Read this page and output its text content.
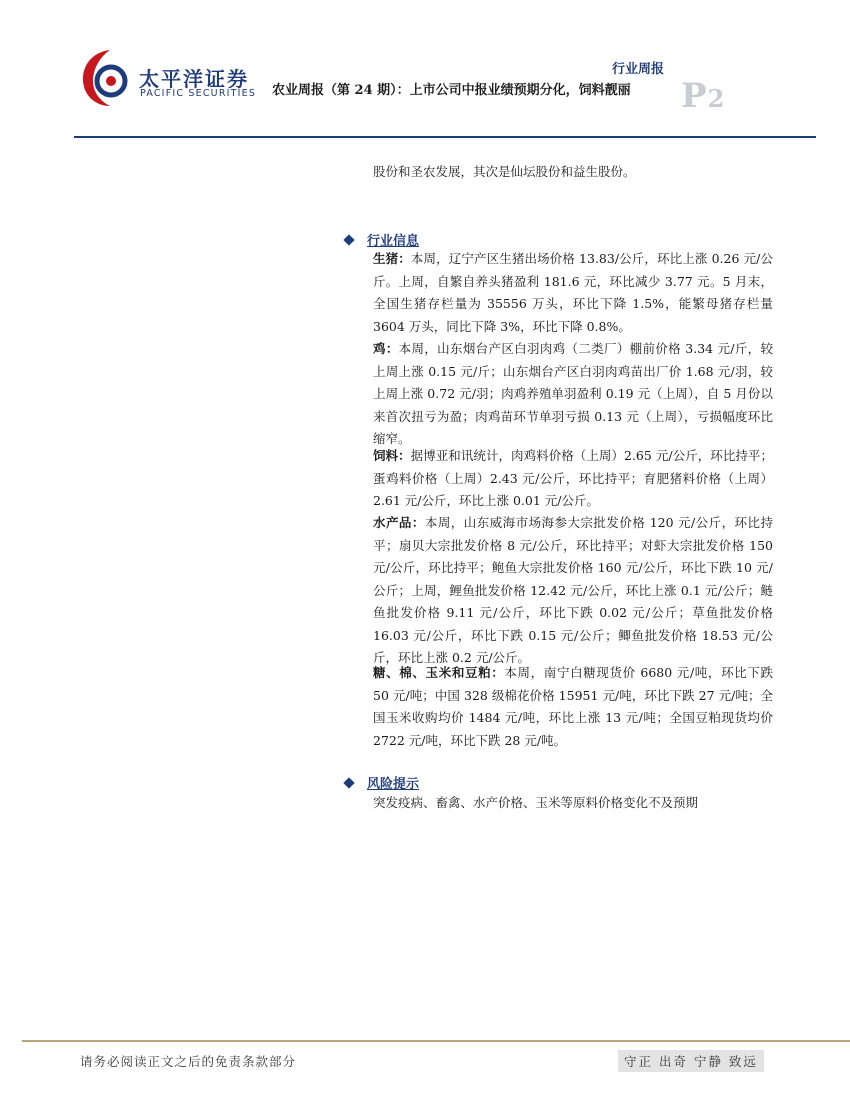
太平洋证券
PACIFIC SECURITIES
行业周报
农业周报（第 24 期）：上市公司中报业绩预期分化，饲料靓丽 P2
股份和圣农发展，其次是仙坛股份和益生股份。
行业信息
生猪：本周，辽宁产区生猪出场价格 13.83/公斤，环比上涨 0.26 元/公斤。上周，自繁自养头猪盈利 181.6 元，环比减少 3.77 元。5 月末，全国生猪存栏量为 35556 万头，环比下降 1.5%，能繁母猪存栏量 3604 万头，同比下降 3%，环比下降 0.8%。
鸡：本周，山东烟台产区白羽肉鸡（二类厂）棚前价格 3.34 元/斤，较上周上涨 0.15 元/斤；山东烟台产区白羽肉鸡苗出厂价 1.68 元/羽，较上周上涨 0.72 元/羽；肉鸡养殖单羽盈利 0.19 元（上周），自 5 月份以来首次扭亏为盈；肉鸡苗环节单羽亏损 0.13 元（上周），亏损幅度环比缩窄。
饲料：据博亚和讯统计，肉鸡料价格（上周）2.65 元/公斤，环比持平；蛋鸡料价格（上周）2.43 元/公斤，环比持平；育肥猪料价格（上周）2.61 元/公斤，环比上涨 0.01 元/公斤。
水产品：本周，山东威海市场海参大宗批发价格 120 元/公斤，环比持平；扇贝大宗批发价格 8 元/公斤，环比持平；对虾大宗批发价格 150 元/公斤，环比持平；鲍鱼大宗批发价格 160 元/公斤，环比下跌 10 元/公斤；上周，鲤鱼批发价格 12.42 元/公斤，环比上涨 0.1 元/公斤；鲢鱼批发价格 9.11 元/公斤，环比下跌 0.02 元/公斤；草鱼批发价格 16.03 元/公斤，环比下跌 0.15 元/公斤；鲫鱼批发价格 18.53 元/公斤，环比上涨 0.2 元/公斤。
糖、棉、玉米和豆粕：本周，南宁白糖现货价 6680 元/吨，环比下跌 50 元/吨；中国 328 级棉花价格 15951 元/吨，环比下跌 27 元/吨；全国玉米收购均价 1484 元/吨，环比上涨 13 元/吨；全国豆粕现货均价 2722 元/吨，环比下跌 28 元/吨。
风险提示
突发疫病、畜禽、水产价格、玉米等原料价格变化不及预期
请务必阅读正文之后的免责条款部分	守正 出奇 宁静 致远
